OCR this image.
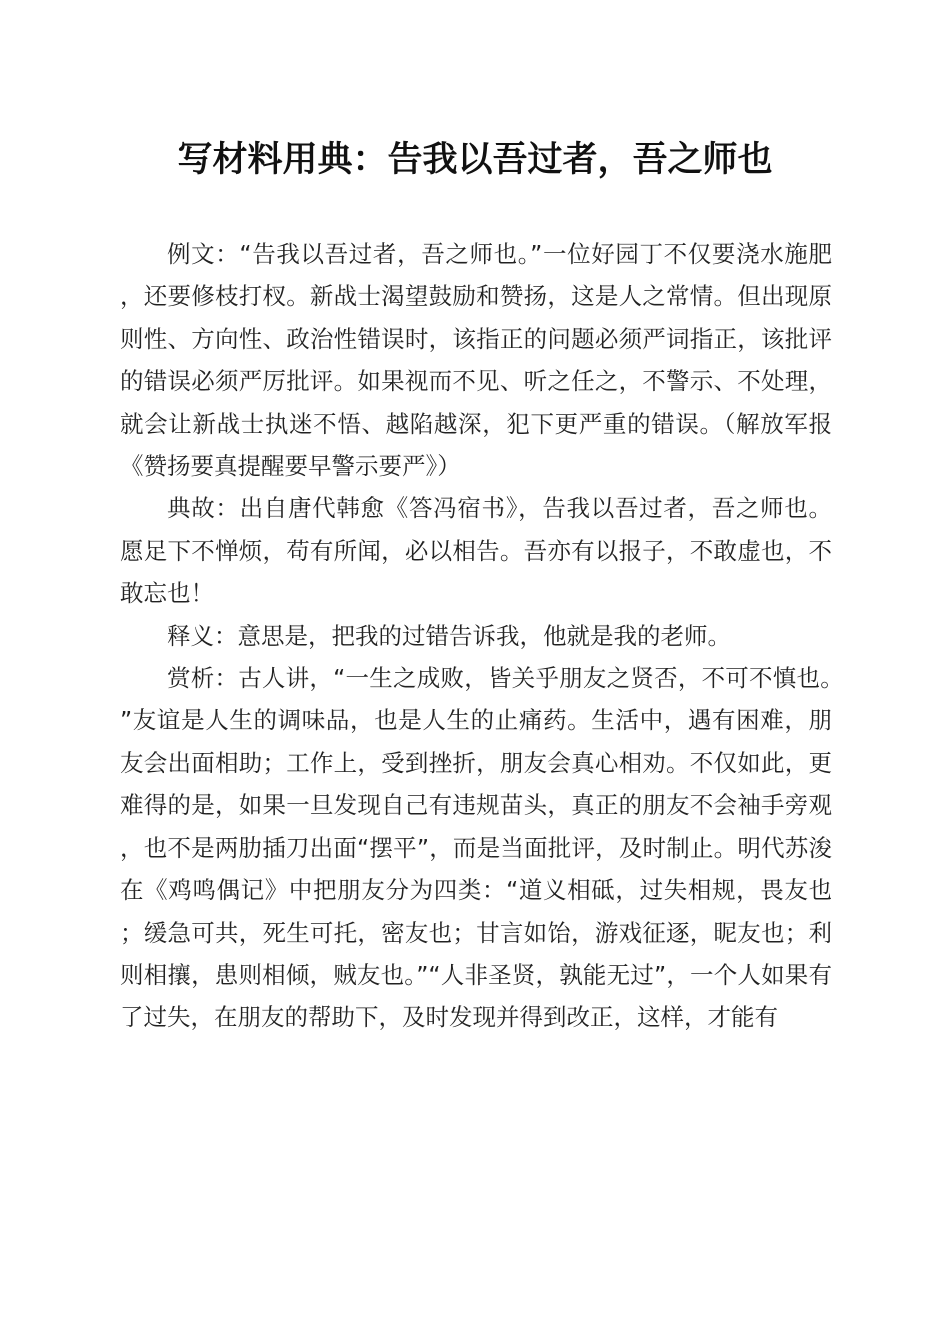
写材料用典：告我以吾过者，吾之师也

例文：“告我以吾过者，吾之师也。”一位好园丁不仅要浇水施肥，还要修枝打杈。新战士渴望鼓励和赞扬，这是人之常情。但出现原则性、方向性、政治性错误时，该指正的问题必须严词指正，该批评的错误必须严厉批评。如果视而不见、听之任之，不警示、不处理，就会让新战士执迷不悟、越陷越深，犯下更严重的错误。（解放军报《赞扬要真提醒要早警示要严》）

典故：出自唐代韩愈《答冯宿书》，告我以吾过者，吾之师也。愿足下不惮烦，苟有所闻，必以相告。吾亦有以报子，不敢虚也，不敢忘也！

释义：意思是，把我的过错告诉我，他就是我的老师。

赏析：古人讲，“一生之成败，皆关乎朋友之贤否，不可不慎也。”友谊是人生的调味品，也是人生的止痛药。生活中，遇有困难，朋友会出面相助；工作上，受到挫折，朋友会真心相劝。不仅如此，更难得的是，如果一旦发现自己有违规苗头，真正的朋友不会袖手旁观，也不是两肋插刀出面“摆平”，而是当面批评，及时制止。明代苏浚在《鸡鸣偶记》中把朋友分为四类：“道义相砥，过失相规，畏友也；缓急可共，死生可托，密友也；甘言如饴，游戏征逐，昵友也；利则相攘，患则相倾，贼友也。”“人非圣贤，孰能无过”，一个人如果有了过失，在朋友的帮助下，及时发现并得到改正，这样，才能有
